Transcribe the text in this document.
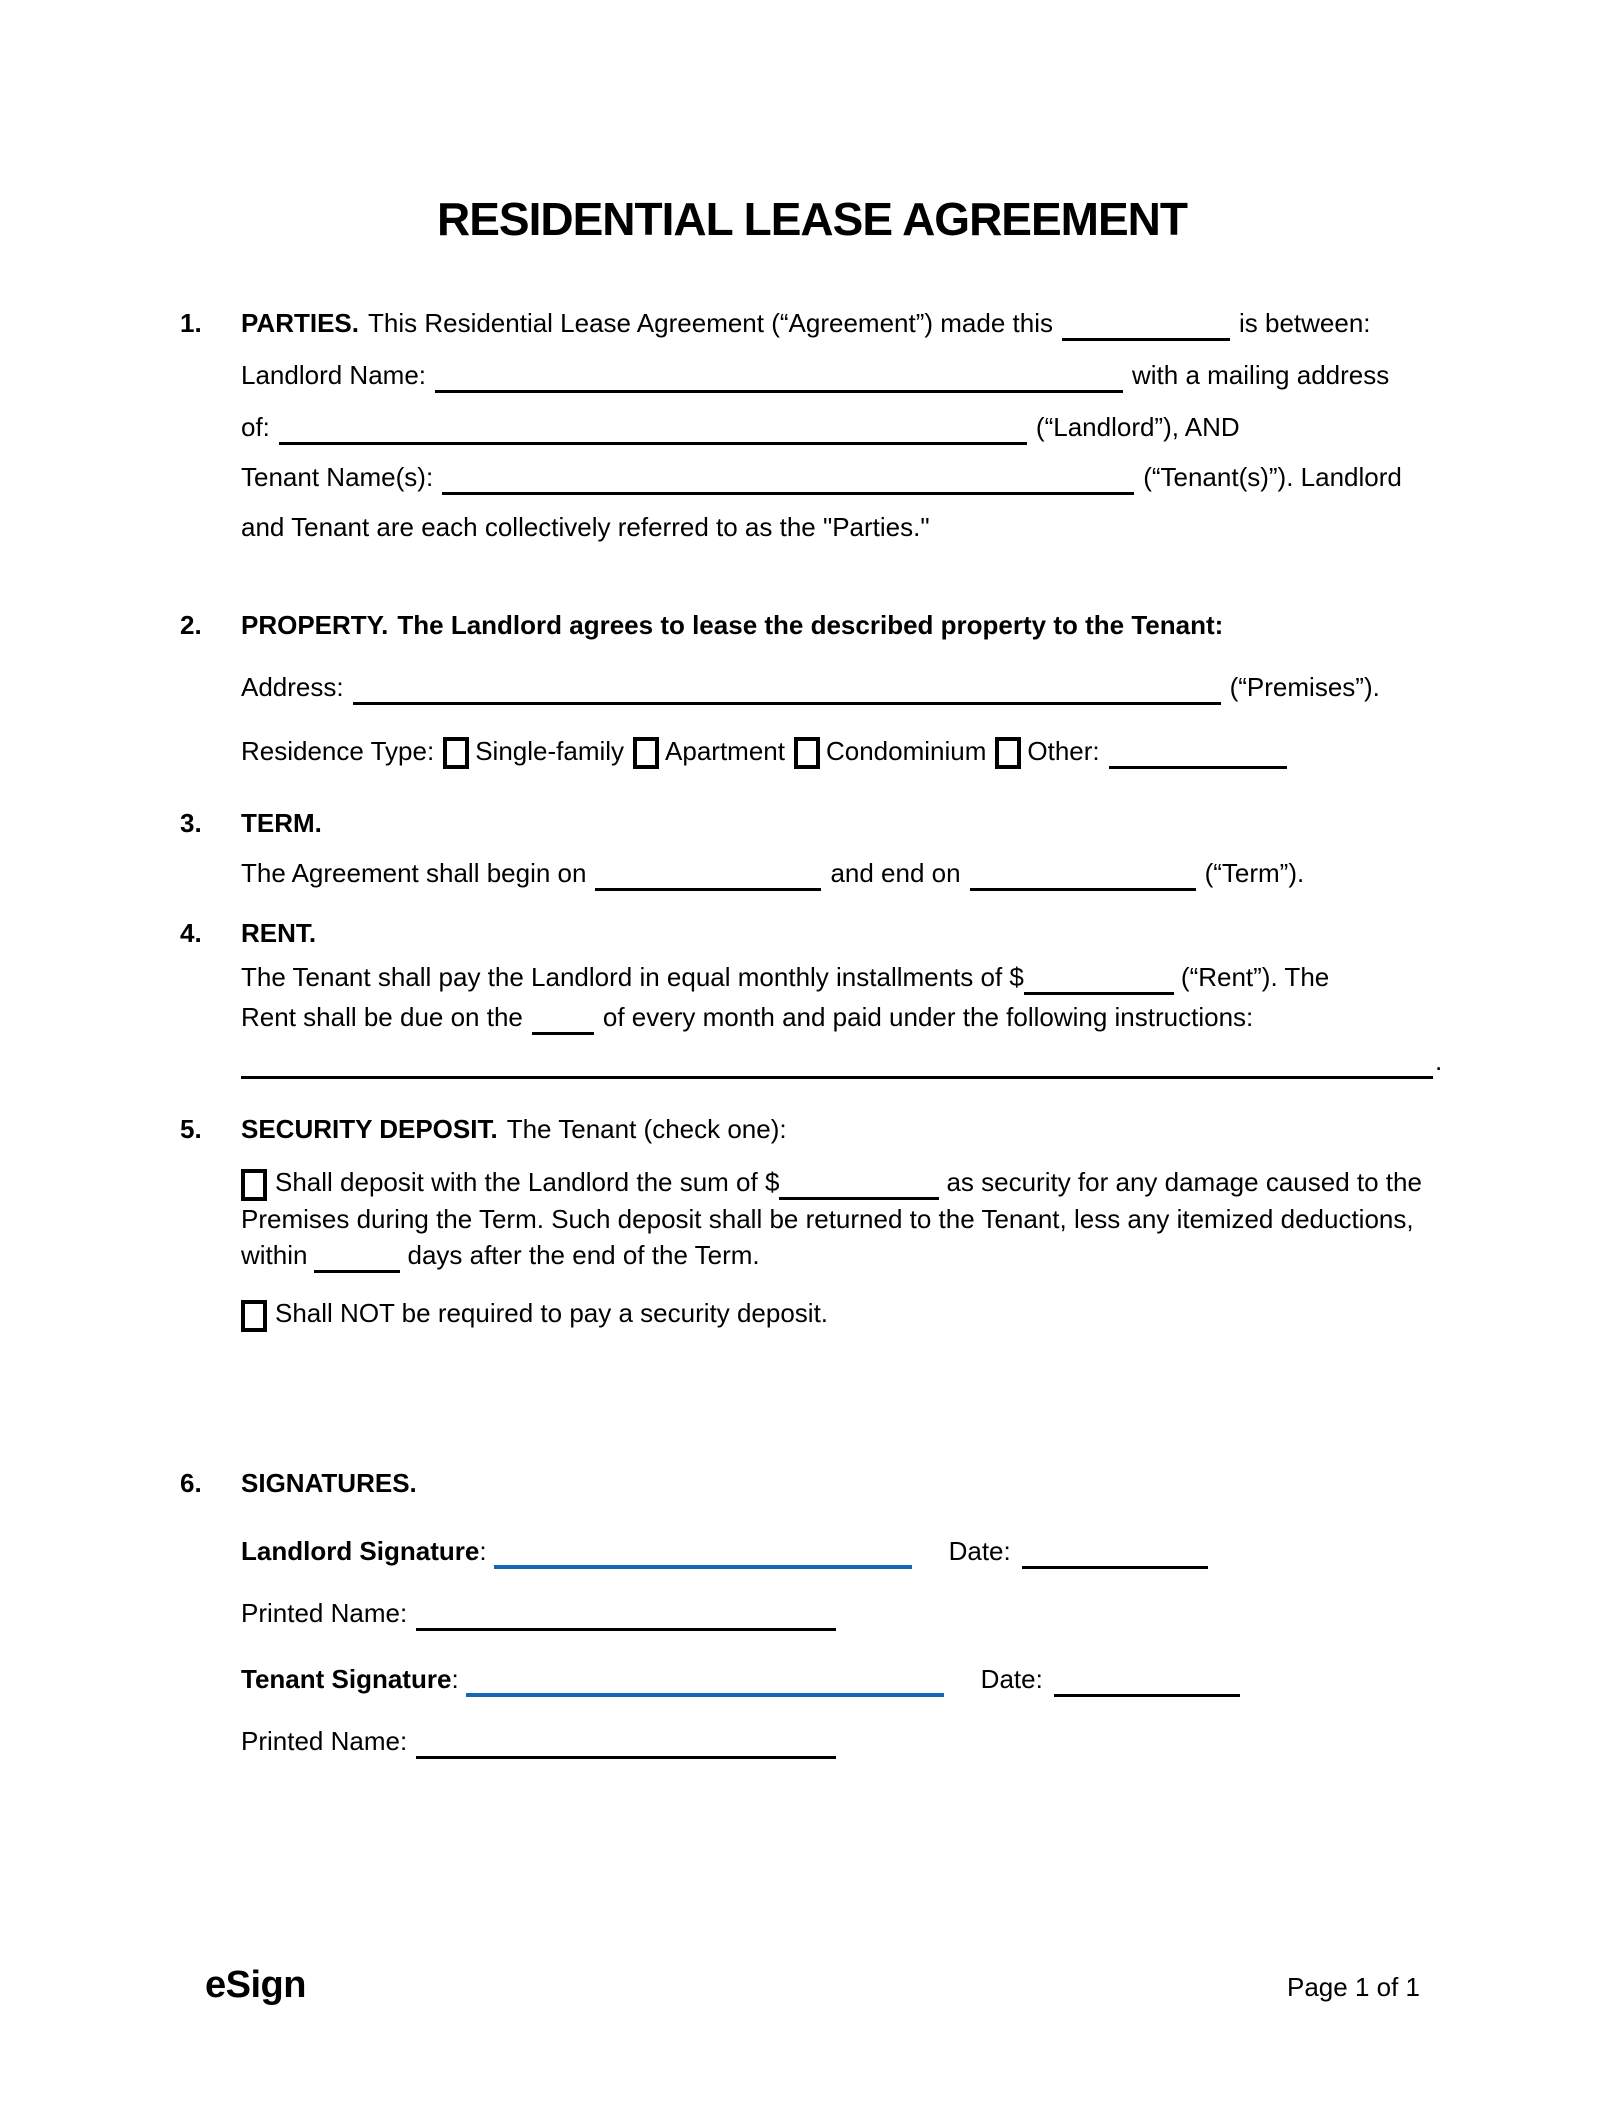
RESIDENTIAL LEASE AGREEMENT
1. PARTIES. This Residential Lease Agreement (“Agreement”) made this	is between:
Landlord Name:	with a mailing address
of:	(“Landlord”), AND
Tenant Name(s):	(“Tenant(s)”). Landlord
and Tenant are each collectively referred to as the "Parties."
2. PROPERTY. The Landlord agrees to lease the described property to the Tenant:
Address:	(“Premises”).
Residence Type: Single-family Apartment Condominium Other:
3. TERM.
The Agreement shall begin on	and end on	(“Term”).
4. RENT.
The Tenant shall pay the Landlord in equal monthly installments of $	(“Rent”). The
Rent shall be due on the	of every month and paid under the following instructions:
.
5. SECURITY DEPOSIT. The Tenant (check one):
Shall deposit with the Landlord the sum of $	as security for any damage caused to the Premises during the Term. Such deposit shall be returned to the Tenant, less any itemized deductions, within	days after the end of the Term.
Shall NOT be required to pay a security deposit.
6. SIGNATURES.
Landlord Signature:	Date:
Printed Name:
Tenant Signature:	Date:
Printed Name:
eSign	Page 1 of 1
